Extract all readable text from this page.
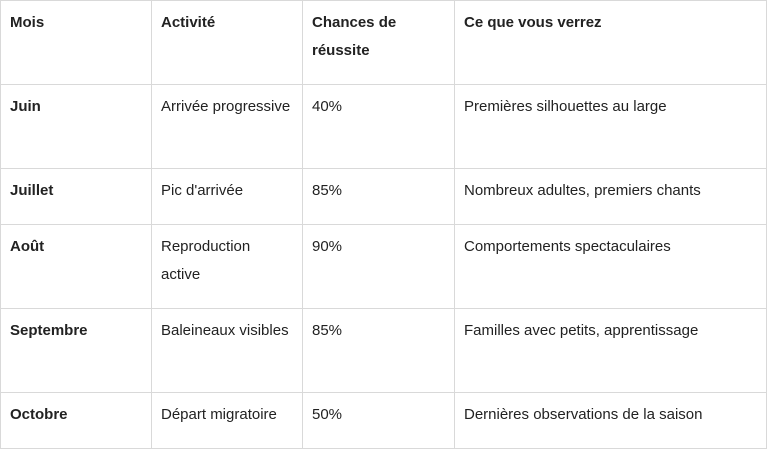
Mois	Activité	Chances de réussite	Ce que vous verrez
Juin	Arrivée progressive	40%	Premières silhouettes au large
Juillet	Pic d'arrivée	85%	Nombreux adultes, premiers chants
Août	Reproduction active	90%	Comportements spectaculaires
Septembre	Baleineaux visibles	85%	Familles avec petits, apprentissage
Octobre	Départ migratoire	50%	Dernières observations de la saison
